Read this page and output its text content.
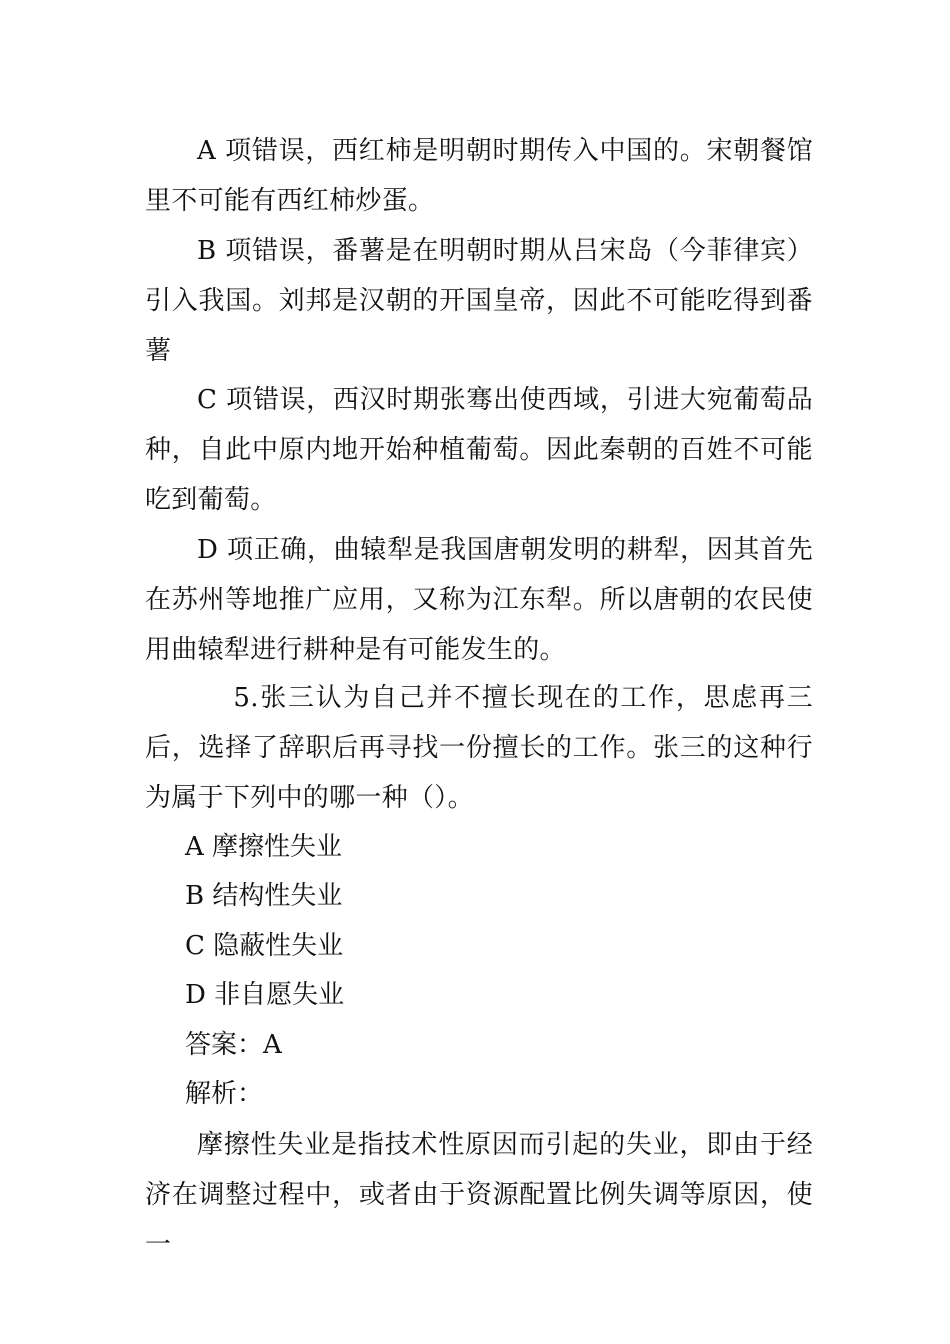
A 项错误，西红柿是明朝时期传入中国的。宋朝餐馆里不可能有西红柿炒蛋。

B 项错误，番薯是在明朝时期从吕宋岛（今菲律宾）引入我国。刘邦是汉朝的开国皇帝，因此不可能吃得到番薯

C 项错误，西汉时期张骞出使西域，引进大宛葡萄品种，自此中原内地开始种植葡萄。因此秦朝的百姓不可能吃到葡萄。

D 项正确，曲辕犁是我国唐朝发明的耕犁，因其首先在苏州等地推广应用，又称为江东犁。所以唐朝的农民使用曲辕犁进行耕种是有可能发生的。

5.张三认为自己并不擅长现在的工作，思虑再三后，选择了辞职后再寻找一份擅长的工作。张三的这种行为属于下列中的哪一种（）。

A 摩擦性失业

B 结构性失业

C 隐蔽性失业

D 非自愿失业

答案：A

解析：

摩擦性失业是指技术性原因而引起的失业，即由于经济在调整过程中，或者由于资源配置比例失调等原因，使一
